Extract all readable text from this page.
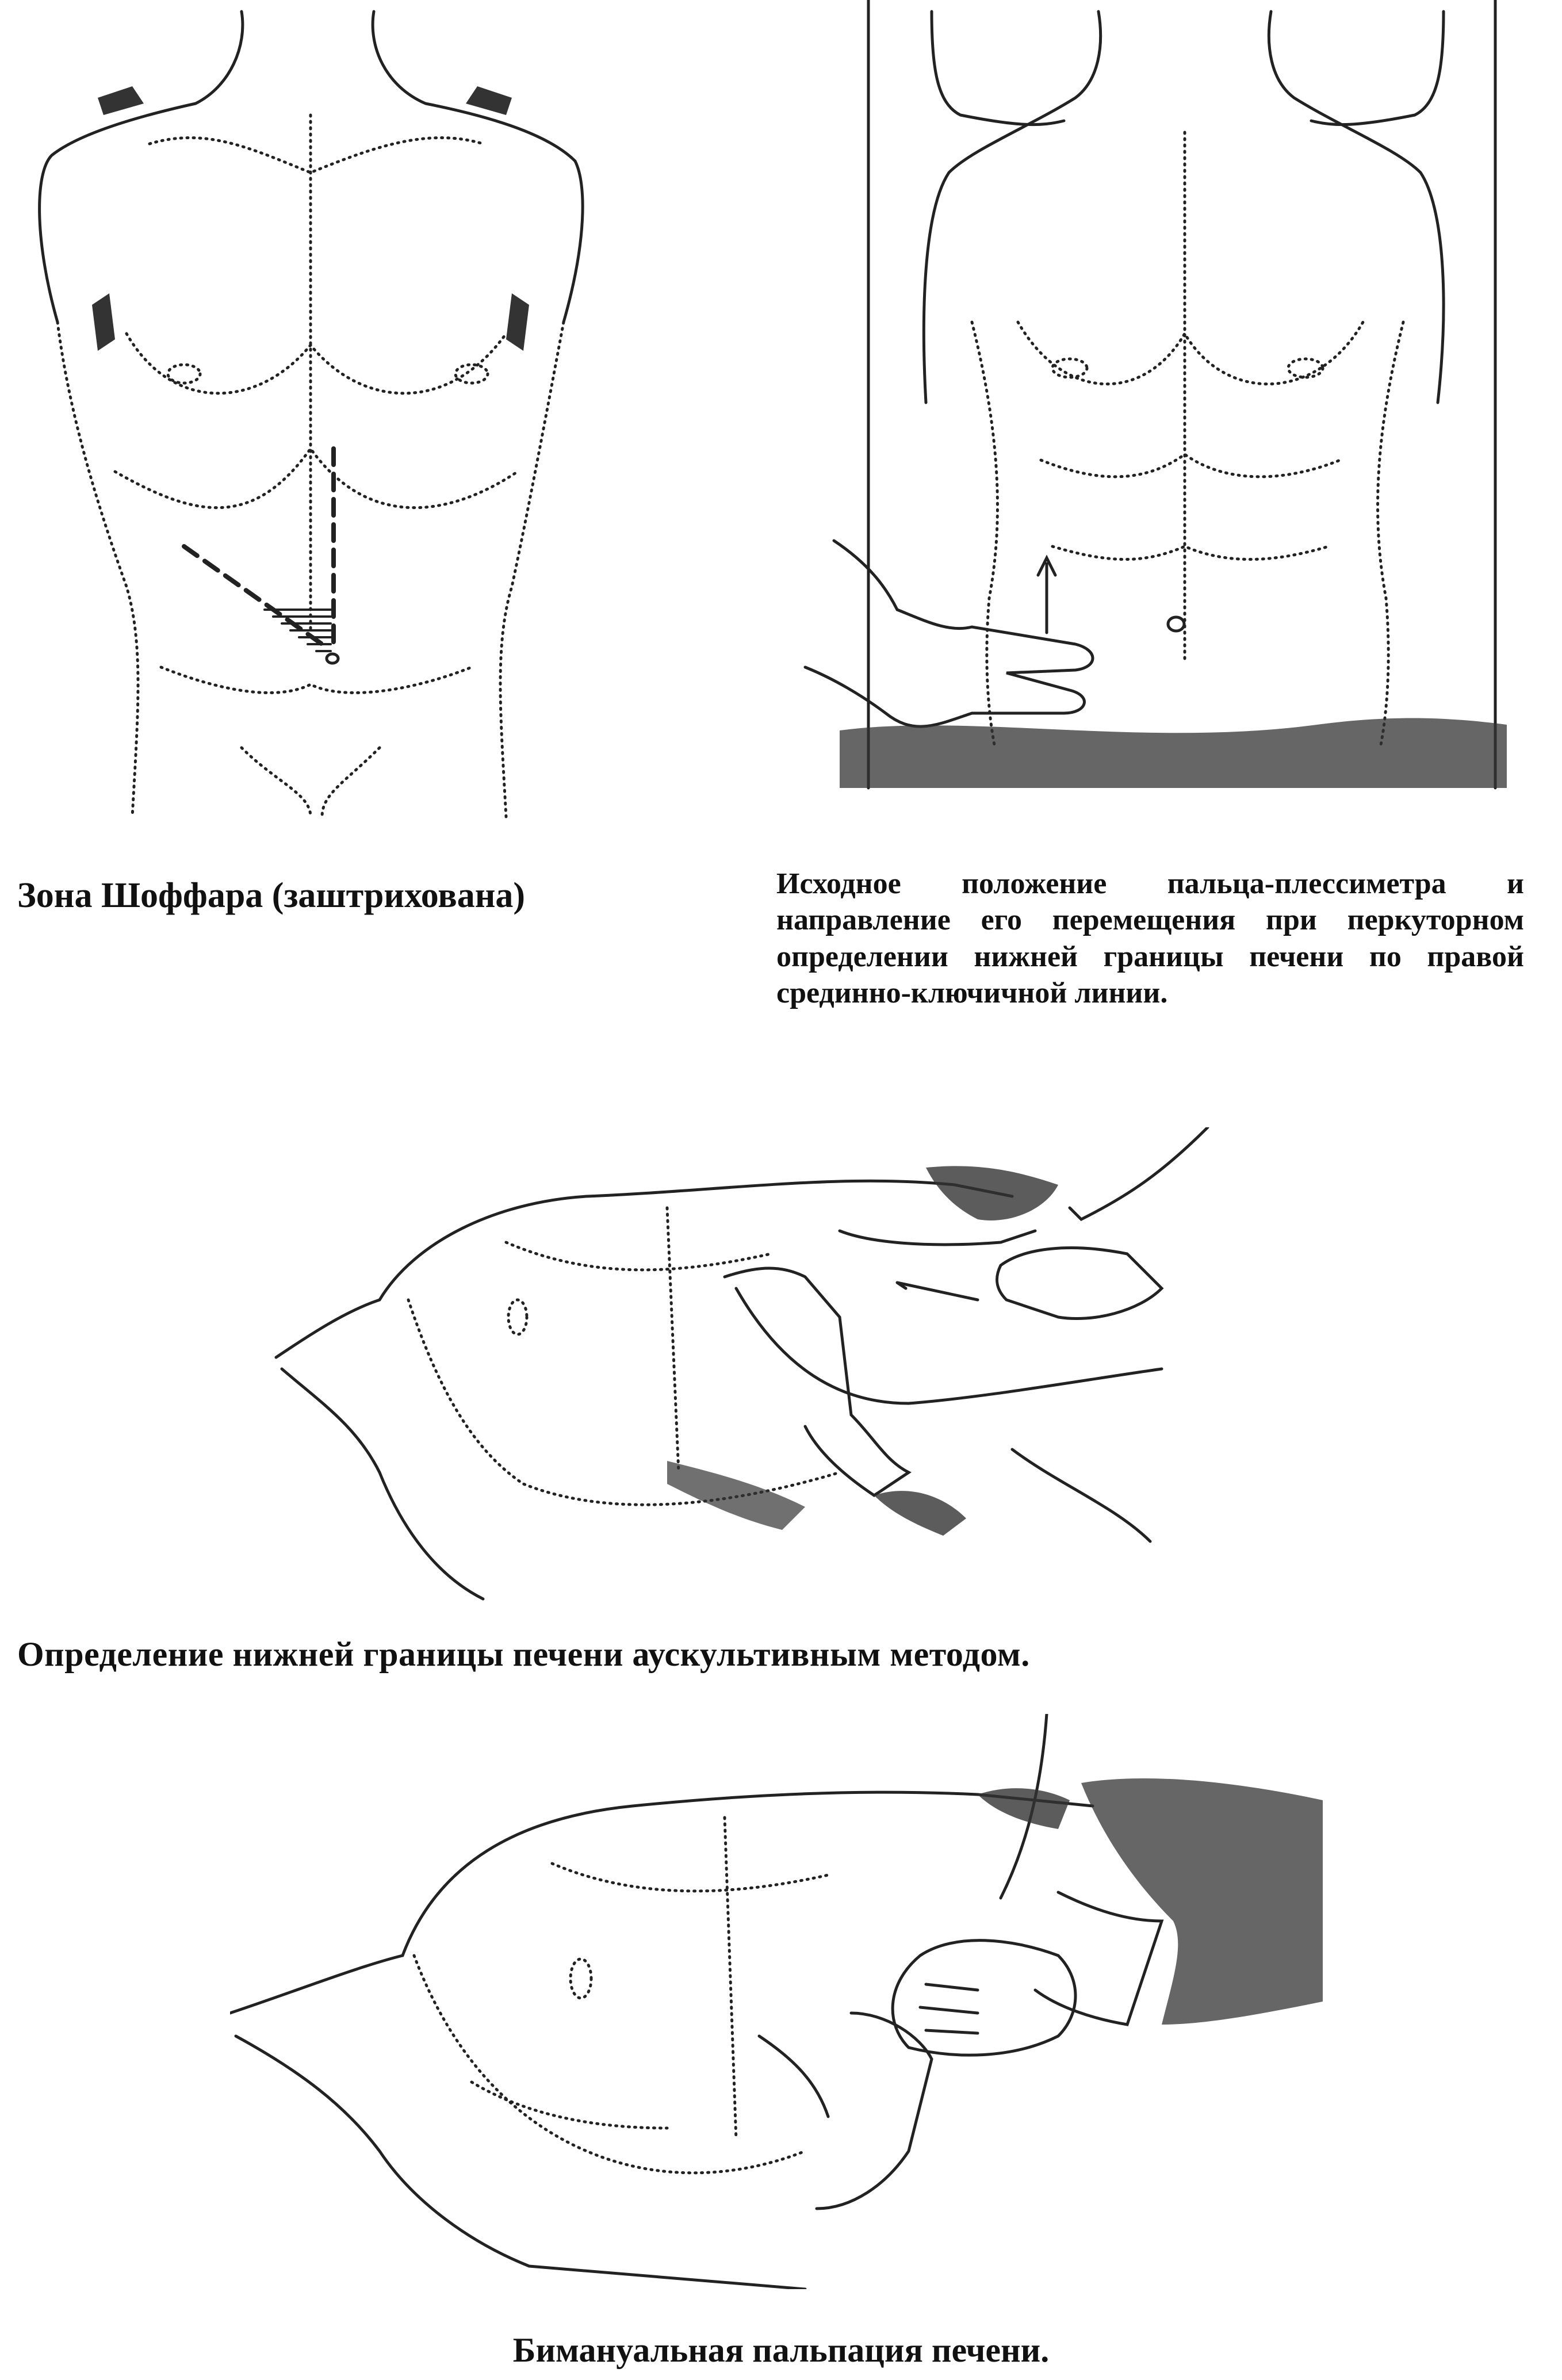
Зона Шоффара (заштрихована)	Исходное положение пальца-плессиметра и направление его перемещения при перкуторном определении нижней границы печени по правой срединно-ключичной линии.
Определение нижней границы печени аускультивным методом.
Бимануальная пальпация печени.
